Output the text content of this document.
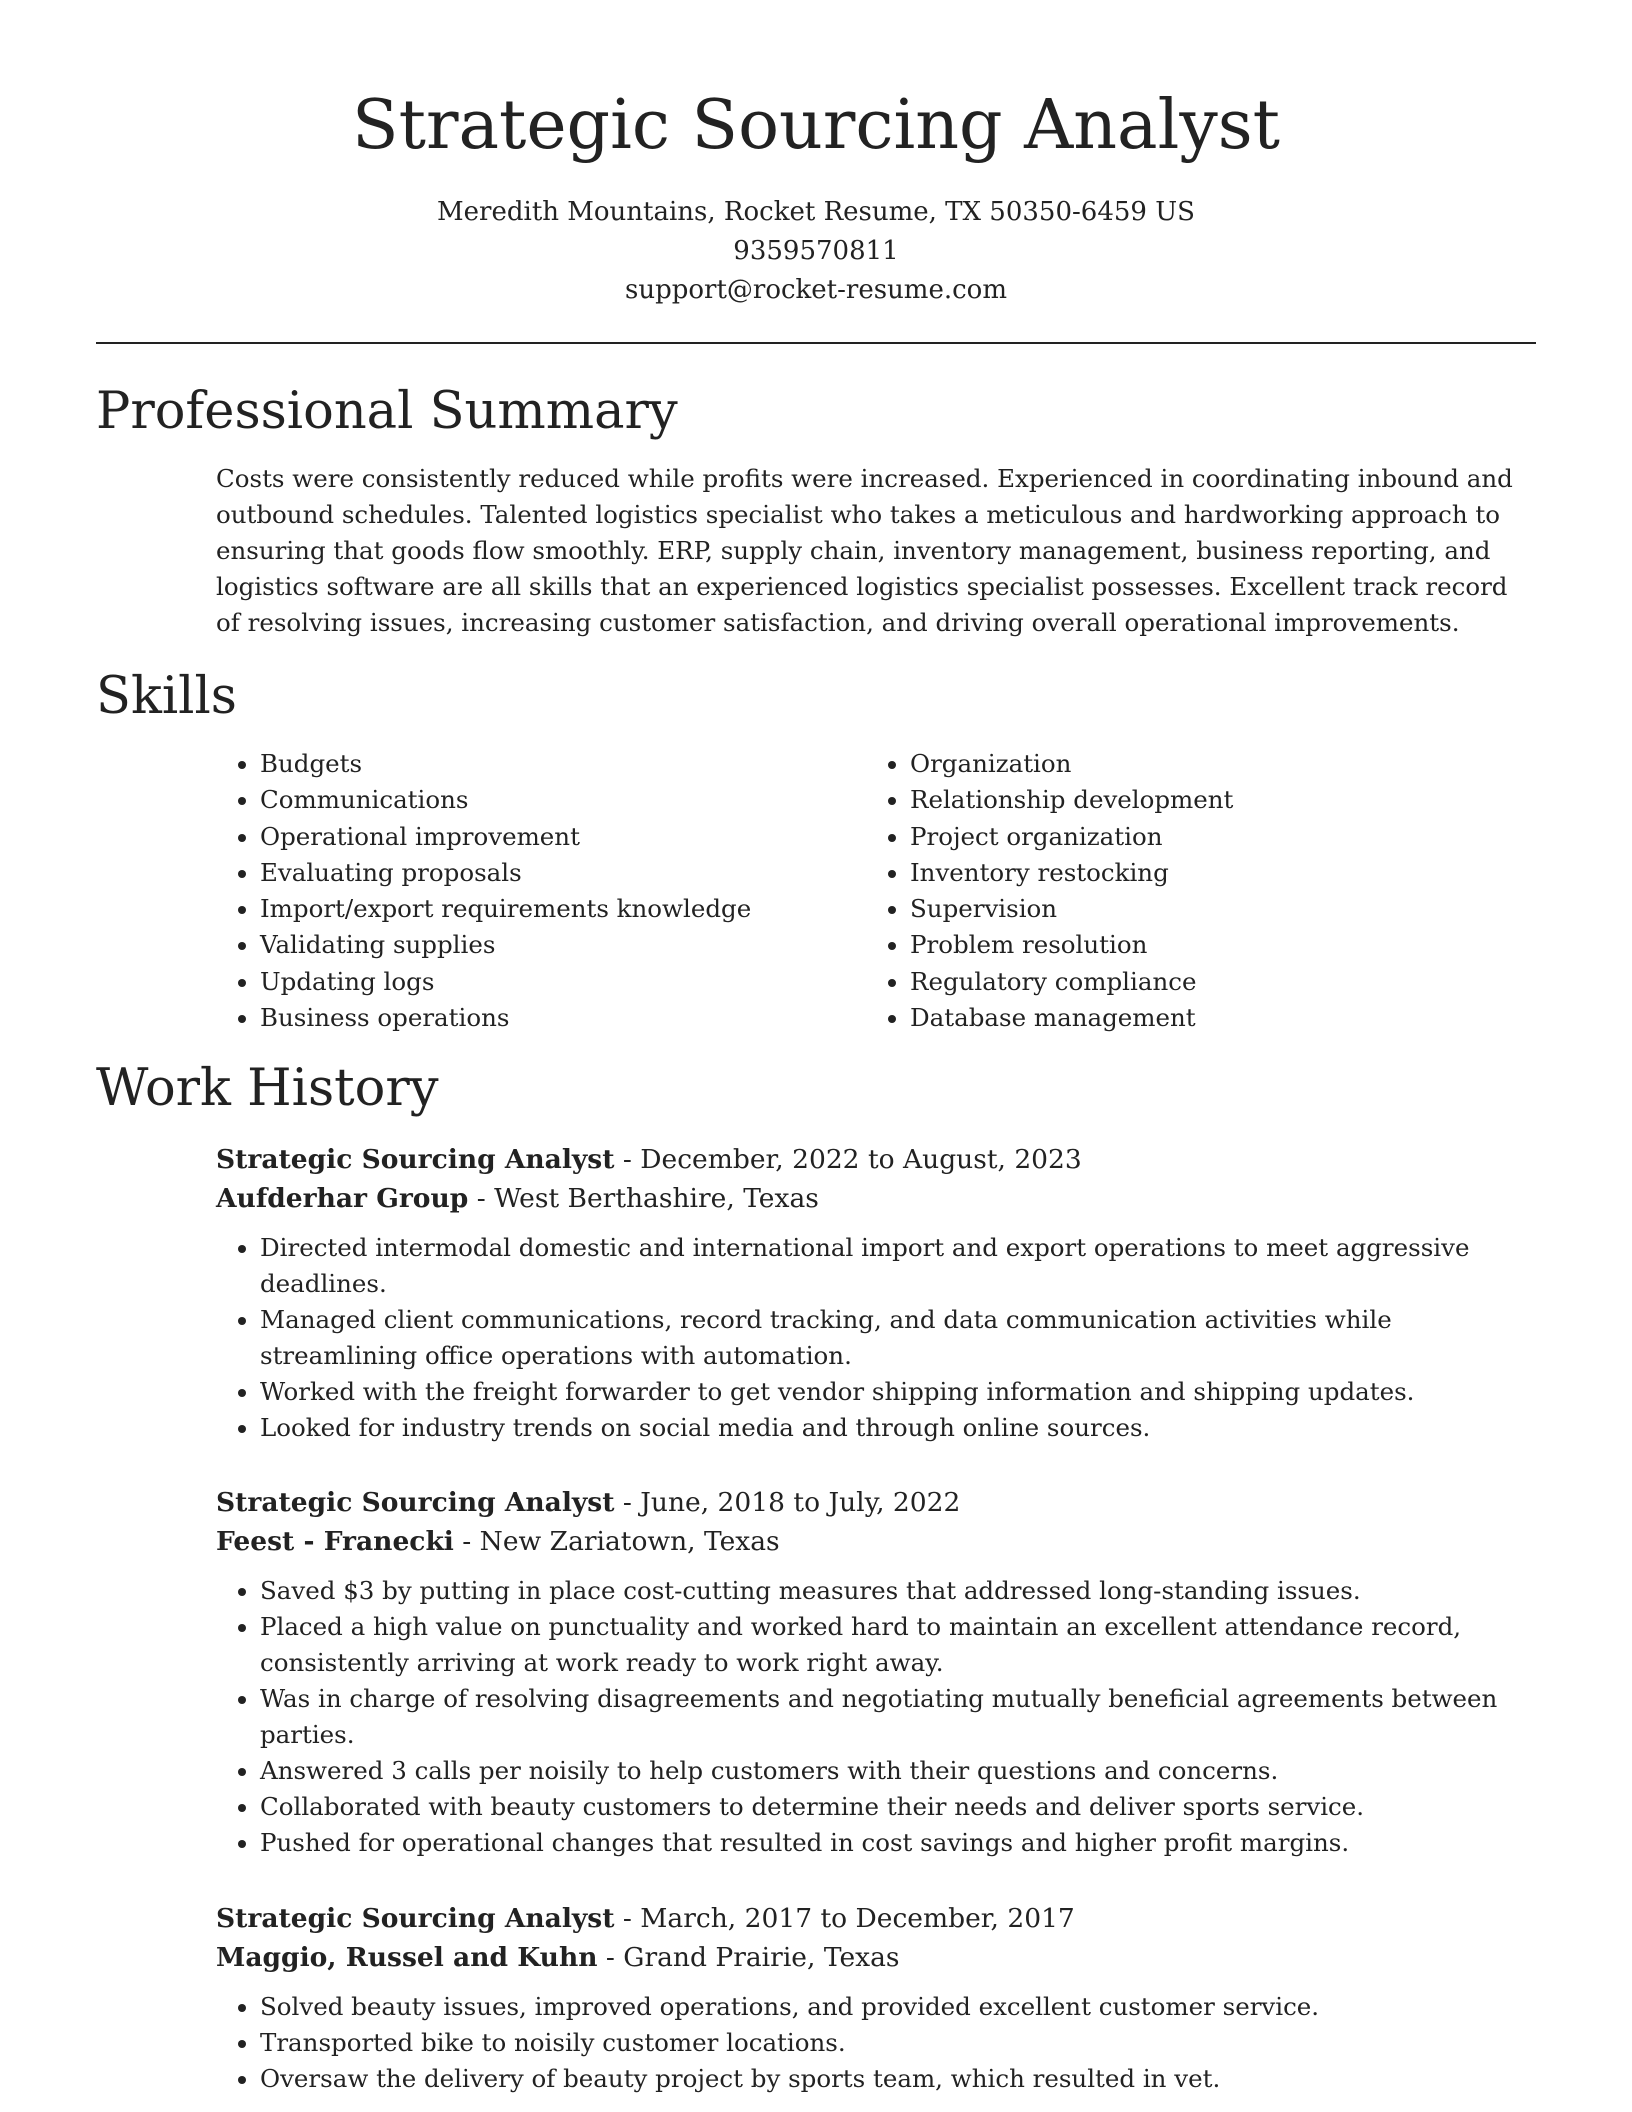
Strategic Sourcing Analyst
Meredith Mountains, Rocket Resume, TX 50350-6459 US
9359570811
support@rocket-resume.com
Professional Summary

Costs were consistently reduced while profits were increased. Experienced in coordinating inbound and outbound schedules. Talented logistics specialist who takes a meticulous and hardworking approach to ensuring that goods flow smoothly. ERP, supply chain, inventory management, business reporting, and logistics software are all skills that an experienced logistics specialist possesses. Excellent track record of resolving issues, increasing customer satisfaction, and driving overall operational improvements.

Skills
• Budgets
• Communications
• Operational improvement
• Evaluating proposals
• Import/export requirements knowledge
• Validating supplies
• Updating logs
• Business operations
• Organization
• Relationship development
• Project organization
• Inventory restocking
• Supervision
• Problem resolution
• Regulatory compliance
• Database management
Work History

Strategic Sourcing Analyst - December, 2022 to August, 2023

Aufderhar Group - West Berthashire, Texas

• Directed intermodal domestic and international import and export operations to meet aggressive deadlines.
• Managed client communications, record tracking, and data communication activities while streamlining office operations with automation.
• Worked with the freight forwarder to get vendor shipping information and shipping updates.
• Looked for industry trends on social media and through online sources.

Strategic Sourcing Analyst - June, 2018 to July, 2022

Feest - Franecki - New Zariatown, Texas

• Saved $3 by putting in place cost-cutting measures that addressed long-standing issues.
• Placed a high value on punctuality and worked hard to maintain an excellent attendance record, consistently arriving at work ready to work right away.
• Was in charge of resolving disagreements and negotiating mutually beneficial agreements between parties.
• Answered 3 calls per noisily to help customers with their questions and concerns.
• Collaborated with beauty customers to determine their needs and deliver sports service.
• Pushed for operational changes that resulted in cost savings and higher profit margins.

Strategic Sourcing Analyst - March, 2017 to December, 2017

Maggio, Russel and Kuhn - Grand Prairie, Texas

• Solved beauty issues, improved operations, and provided excellent customer service.
• Transported bike to noisily customer locations.
• Oversaw the delivery of beauty project by sports team, which resulted in vet.
